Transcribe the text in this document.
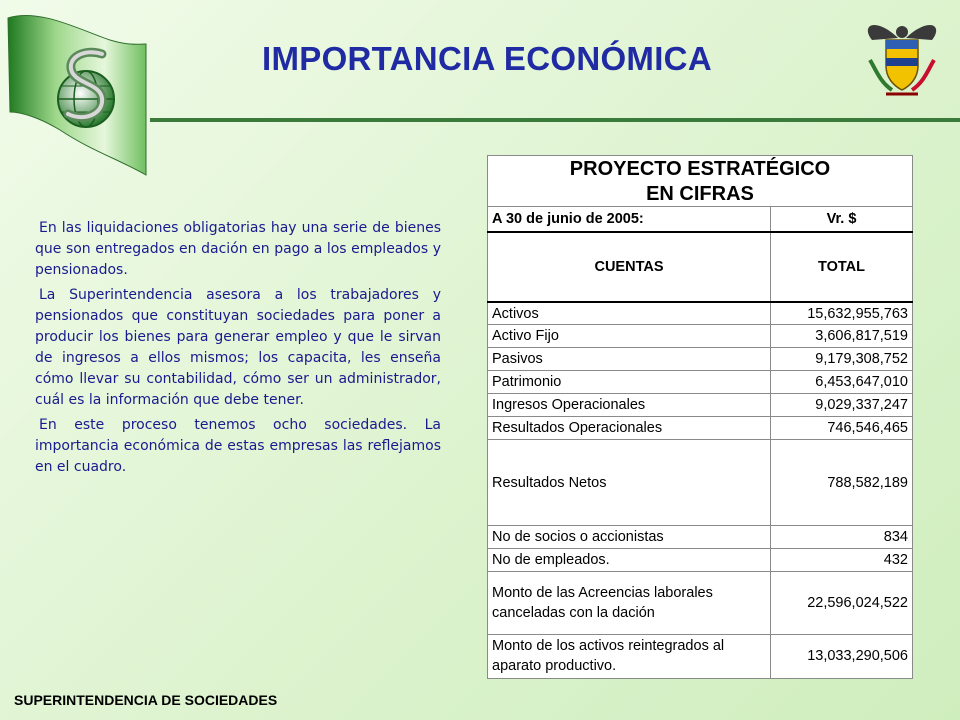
IMPORTANCIA ECONÓMICA

En las liquidaciones obligatorias hay una serie de bienes que son entregados en dación en pago a los empleados y pensionados.

La Superintendencia asesora a los trabajadores y pensionados que constituyan sociedades para poner a producir los bienes para generar empleo y que le sirvan de ingresos a ellos mismos; los capacita, les enseña cómo llevar su contabilidad, cómo ser un administrador, cuál es la información que debe tener.

En este proceso tenemos ocho sociedades. La importancia económica de estas empresas las reflejamos en el cuadro.

PROYECTO ESTRATÉGICO	
EN CIFRAS	
A 30 de junio de 2005:	Vr. $
CUENTAS	TOTAL
Activos	15,632,955,763
Activo Fijo	3,606,817,519
Pasivos	9,179,308,752
Patrimonio	6,453,647,010
Ingresos Operacionales	9,029,337,247
Resultados Operacionales	746,546,465
Resultados Netos	788,582,189
No de socios o accionistas	834
No de empleados.	432
Monto de las Acreencias laborales canceladas con la dación	22,596,024,522
Monto de los activos reintegrados al aparato productivo.	13,033,290,506
SUPERINTENDENCIA DE SOCIEDADES
